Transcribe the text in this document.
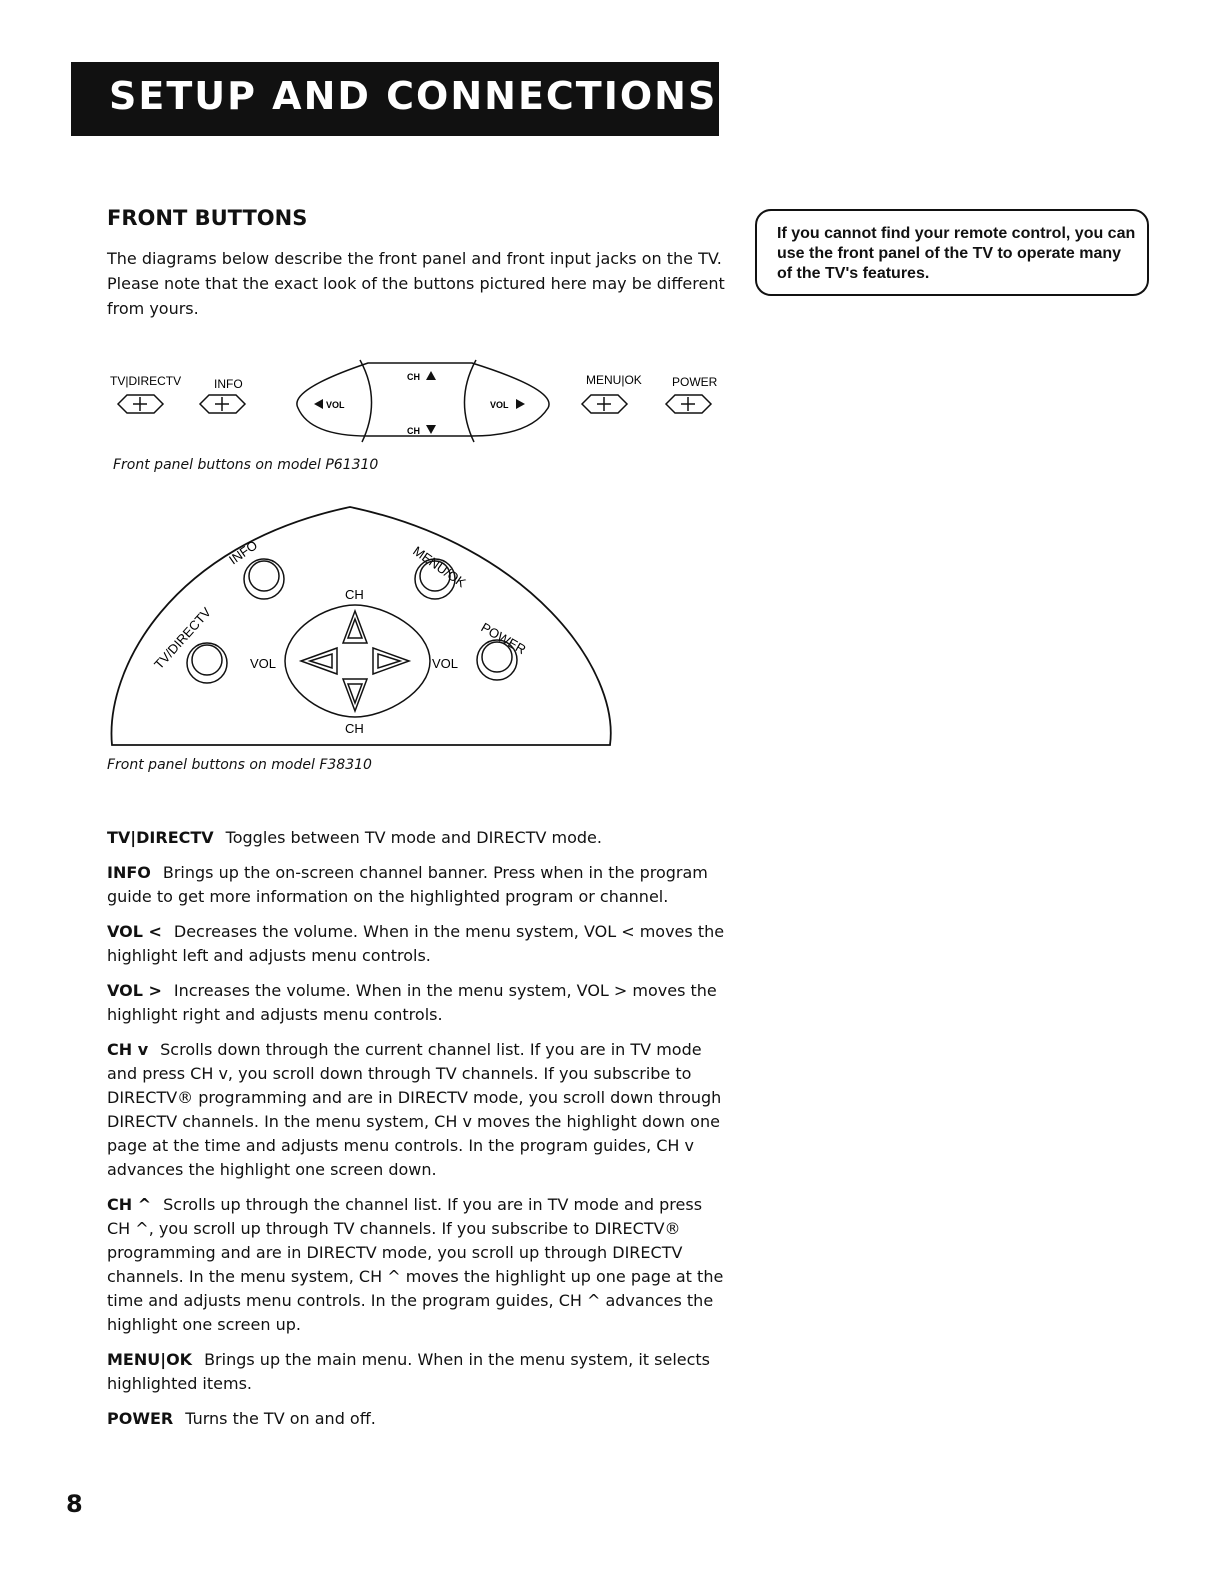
SETUP AND CONNECTIONS
FRONT BUTTONS
The diagrams below describe the front panel and front input jacks on the TV. Please note that the exact look of the buttons pictured here may be different from yours.
If you cannot find your remote control, you can use the front panel of the TV to operate many of the TV's features.
TV|DIRECTV	INFO
VOL	VOL
CH
CH
MENU|OK	POWER
Front panel buttons on model P61310
INFO	MENU/OK
TV/DIRECTV	POWER
CH
CH
VOL	VOL
Front panel buttons on model F38310

TV|DIRECTV Toggles between TV mode and DIRECTV mode.

INFO Brings up the on-screen channel banner. Press when in the program guide to get more information on the highlighted program or channel.

VOL < Decreases the volume. When in the menu system, VOL < moves the highlight left and adjusts menu controls.

VOL > Increases the volume. When in the menu system, VOL > moves the highlight right and adjusts menu controls.

CH v Scrolls down through the current channel list. If you are in TV mode and press CH v, you scroll down through TV channels. If you subscribe to DIRECTV® programming and are in DIRECTV mode, you scroll down through DIRECTV channels. In the menu system, CH v moves the highlight down one page at the time and adjusts menu controls. In the program guides, CH v advances the highlight one screen down.

CH ^ Scrolls up through the channel list. If you are in TV mode and press CH ^, you scroll up through TV channels. If you subscribe to DIRECTV® programming and are in DIRECTV mode, you scroll up through DIRECTV channels. In the menu system, CH ^ moves the highlight up one page at the time and adjusts menu controls. In the program guides, CH ^ advances the highlight one screen up.

MENU|OK Brings up the main menu. When in the menu system, it selects highlighted items.

POWER Turns the TV on and off.

8
